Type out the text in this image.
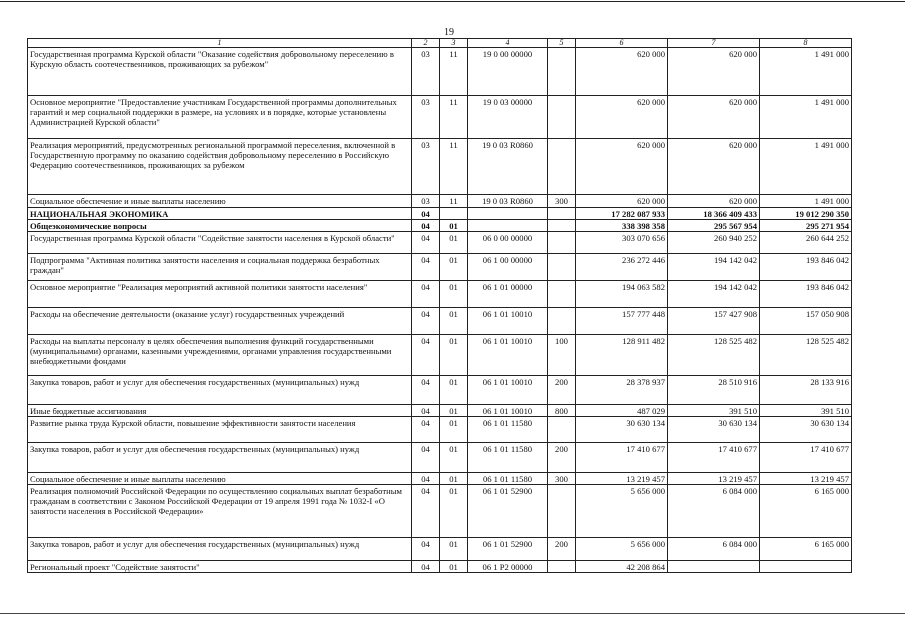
19
1	2	3	4	5	6	7	8
Государственная программа Курской области "Оказание содействия добровольному переселению в Курскую область соотечественников, проживающих за рубежом"	03	11	19 0 00 00000		620 000	620 000	1 491 000
Основное мероприятие "Предоставление участникам Государственной программы дополнительных гарантий и мер социальной поддержки в размере, на условиях и в порядке, которые установлены Администрацией Курской области"	03	11	19 0 03 00000		620 000	620 000	1 491 000
Реализация мероприятий, предусмотренных региональной программой переселения, включенной в Государственную программу по оказанию содействия добровольному переселению в Российскую Федерацию соотечественников, проживающих за рубежом	03	11	19 0 03 R0860		620 000	620 000	1 491 000
Социальное обеспечение и иные выплаты населению	03	11	19 0 03 R0860	300	620 000	620 000	1 491 000
НАЦИОНАЛЬНАЯ ЭКОНОМИКА	04				17 282 087 933	18 366 409 433	19 012 290 350
Общеэкономические вопросы	04	01			338 398 358	295 567 954	295 271 954
Государственная программа Курской области "Содействие занятости населения в Курской области"	04	01	06 0 00 00000		303 070 656	260 940 252	260 644 252
Подпрограмма "Активная политика занятости населения и социальная поддержка безработных граждан"	04	01	06 1 00 00000		236 272 446	194 142 042	193 846 042
Основное мероприятие "Реализация мероприятий активной политики занятости населения"	04	01	06 1 01 00000		194 063 582	194 142 042	193 846 042
Расходы на обеспечение деятельности (оказание услуг) государственных учреждений	04	01	06 1 01 10010		157 777 448	157 427 908	157 050 908
Расходы на выплаты персоналу в целях обеспечения выполнения функций государственными (муниципальными) органами, казенными учреждениями, органами управления государственными внебюджетными фондами	04	01	06 1 01 10010	100	128 911 482	128 525 482	128 525 482
Закупка товаров, работ и услуг для обеспечения государственных (муниципальных) нужд	04	01	06 1 01 10010	200	28 378 937	28 510 916	28 133 916
Иные бюджетные ассигнования	04	01	06 1 01 10010	800	487 029	391 510	391 510
Развитие рынка труда Курской области, повышение эффективности занятости населения	04	01	06 1 01 11580		30 630 134	30 630 134	30 630 134
Закупка товаров, работ и услуг для обеспечения государственных (муниципальных) нужд	04	01	06 1 01 11580	200	17 410 677	17 410 677	17 410 677
Социальное обеспечение и иные выплаты населению	04	01	06 1 01 11580	300	13 219 457	13 219 457	13 219 457
Реализация полномочий Российской Федерации по осуществлению социальных выплат безработным гражданам в соответствии с Законом Российской Федерации от 19 апреля 1991 года № 1032-I «О занятости населения в Российской Федерации»	04	01	06 1 01 52900		5 656 000	6 084 000	6 165 000
Закупка товаров, работ и услуг для обеспечения государственных (муниципальных) нужд	04	01	06 1 01 52900	200	5 656 000	6 084 000	6 165 000
Региональный проект "Содействие занятости"	04	01	06 1 P2 00000		42 208 864		
